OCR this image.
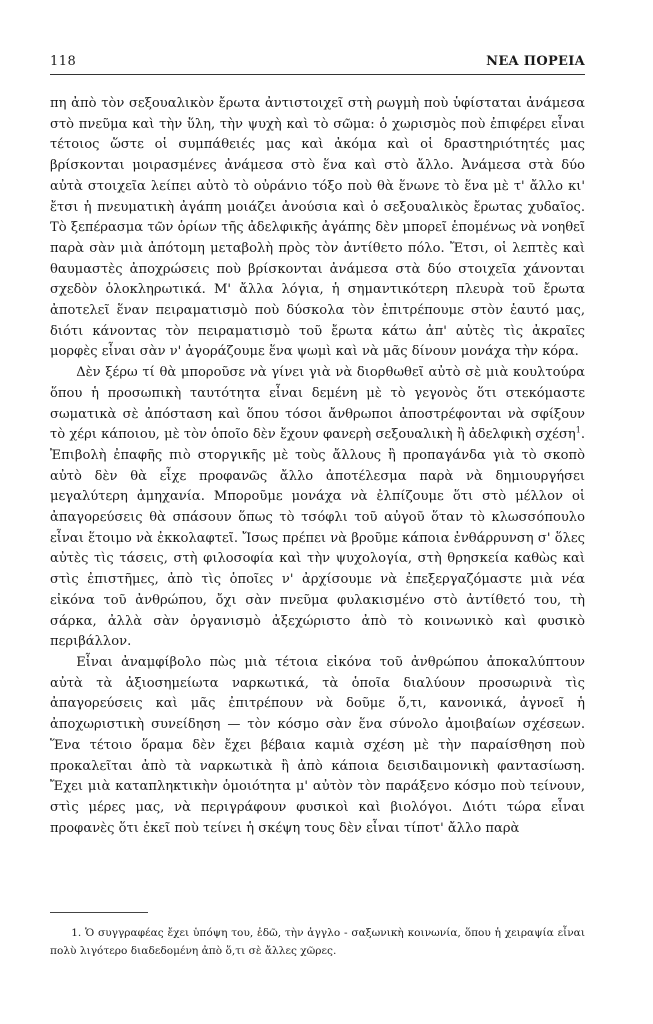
118	ΝΕΑ ΠΟΡΕΙΑ

πη ἀπὸ τὸν σεξουαλικὸν ἔρωτα ἀντιστοιχεῖ στὴ ρωγμὴ ποὺ ὑφίσταται ἀνάμεσα στὸ πνεῦμα καὶ τὴν ὕλη, τὴν ψυχὴ καὶ τὸ σῶμα: ὁ χωρισμὸς ποὺ ἐπιφέρει εἶναι τέτοιος ὥστε οἱ συμπάθειές μας καὶ ἀκόμα καὶ οἱ δραστηριότητές μας βρίσκονται μοιρασμένες ἀνάμεσα στὸ ἕνα καὶ στὸ ἄλλο. Ἀνάμεσα στὰ δύο αὐτὰ στοιχεῖα λείπει αὐτὸ τὸ οὐράνιο τόξο ποὺ θὰ ἕνωνε τὸ ἕνα μὲ τ' ἄλλο κι' ἔτσι ἡ πνευματικὴ ἀγάπη μοιάζει ἀνούσια καὶ ὁ σεξουαλικὸς ἔρωτας χυδαῖος. Τὸ ξεπέρασμα τῶν ὁρίων τῆς ἀδελφικῆς ἀγάπης δὲν μπορεῖ ἑπομένως νὰ νοηθεῖ παρὰ σὰν μιὰ ἀπότομη μεταβολὴ πρὸς τὸν ἀντίθετο πόλο. Ἔτσι, οἱ λεπτὲς καὶ θαυμαστὲς ἀποχρώσεις ποὺ βρίσκονται ἀνάμεσα στὰ δύο στοιχεῖα χάνονται σχεδὸν ὁλοκληρωτικά. Μ' ἄλλα λόγια, ἡ σημαντικότερη πλευρὰ τοῦ ἔρωτα ἀποτελεῖ ἕναν πειραματισμὸ ποὺ δύσκολα τὸν ἐπιτρέπουμε στὸν ἑαυτό μας, διότι κάνοντας τὸν πειραματισμὸ τοῦ ἔρωτα κάτω ἀπ' αὐτὲς τὶς ἀκραῖες μορφὲς εἶναι σὰν ν' ἀγοράζουμε ἕνα ψωμὶ καὶ νὰ μᾶς δίνουν μονάχα τὴν κόρα.

Δὲν ξέρω τί θὰ μποροῦσε νὰ γίνει γιὰ νὰ διορθωθεῖ αὐτὸ σὲ μιὰ κουλτούρα ὅπου ἡ προσωπικὴ ταυτότητα εἶναι δεμένη μὲ τὸ γεγονὸς ὅτι στεκόμαστε σωματικὰ σὲ ἀπόσταση καὶ ὅπου τόσοι ἄνθρωποι ἀποστρέφονται νὰ σφίξουν τὸ χέρι κάποιου, μὲ τὸν ὁποῖο δὲν ἔχουν φανερὴ σεξουαλικὴ ἢ ἀδελφικὴ σχέση$^1$. Ἐπιβολὴ ἐπαφῆς πιὸ στοργικῆς μὲ τοὺς ἄλλους ἢ προπαγάνδα γιὰ τὸ σκοπὸ αὐτὸ δὲν θὰ εἶχε προφανῶς ἄλλο ἀποτέλεσμα παρὰ νὰ δημιουργήσει μεγαλύτερη ἀμηχανία. Μποροῦμε μονάχα νὰ ἐλπίζουμε ὅτι στὸ μέλλον οἱ ἀπαγορεύσεις θὰ σπάσουν ὅπως τὸ τσόφλι τοῦ αὐγοῦ ὅταν τὸ κλωσσόπουλο εἶναι ἕτοιμο νὰ ἐκκολαφτεῖ. Ἴσως πρέπει νὰ βροῦμε κάποια ἐνθάρρυνση σ' ὅλες αὐτὲς τὶς τάσεις, στὴ φιλοσοφία καὶ τὴν ψυχολογία, στὴ θρησκεία καθὼς καὶ στὶς ἐπιστῆμες, ἀπὸ τὶς ὁποῖες ν' ἀρχίσουμε νὰ ἐπεξεργαζόμαστε μιὰ νέα εἰκόνα τοῦ ἀνθρώπου, ὄχι σὰν πνεῦμα φυλακισμένο στὸ ἀντίθετό του, τὴ σάρκα, ἀλλὰ σὰν ὀργανισμὸ ἀξεχώριστο ἀπὸ τὸ κοινωνικὸ καὶ φυσικὸ περιβάλλον.

Εἶναι ἀναμφίβολο πὼς μιὰ τέτοια εἰκόνα τοῦ ἀνθρώπου ἀποκαλύπτουν αὐτὰ τὰ ἀξιοσημείωτα ναρκωτικά, τὰ ὁποῖα διαλύουν προσωρινὰ τὶς ἀπαγορεύσεις καὶ μᾶς ἐπιτρέπουν νὰ δοῦμε ὅ,τι, κανονικά, ἀγνοεῖ ἡ ἀποχωριστικὴ συνείδηση — τὸν κόσμο σὰν ἕνα σύνολο ἀμοιβαίων σχέσεων. Ἕνα τέτοιο ὅραμα δὲν ἔχει βέβαια καμιὰ σχέση μὲ τὴν παραίσθηση ποὺ προκαλεῖται ἀπὸ τὰ ναρκωτικὰ ἢ ἀπὸ κάποια δεισιδαιμονικὴ φαντασίωση. Ἔχει μιὰ καταπληκτικὴν ὁμοιότητα μ' αὐτὸν τὸν παράξενο κόσμο ποὺ τείνουν, στὶς μέρες μας, νὰ περιγράφουν φυσικοὶ καὶ βιολόγοι. Διότι τώρα εἶναι προφανὲς ὅτι ἐκεῖ ποὺ τείνει ἡ σκέψη τους δὲν εἶναι τίποτ' ἄλλο παρὰ

1. Ὁ συγγραφέας ἔχει ὑπόψη του, ἐδῶ, τὴν ἀγγλο - σαξωνικὴ κοινωνία, ὅπου ἡ χειραψία εἶναι πολὺ λιγότερο διαδεδομένη ἀπὸ ὅ,τι σὲ ἄλλες χῶρες.
